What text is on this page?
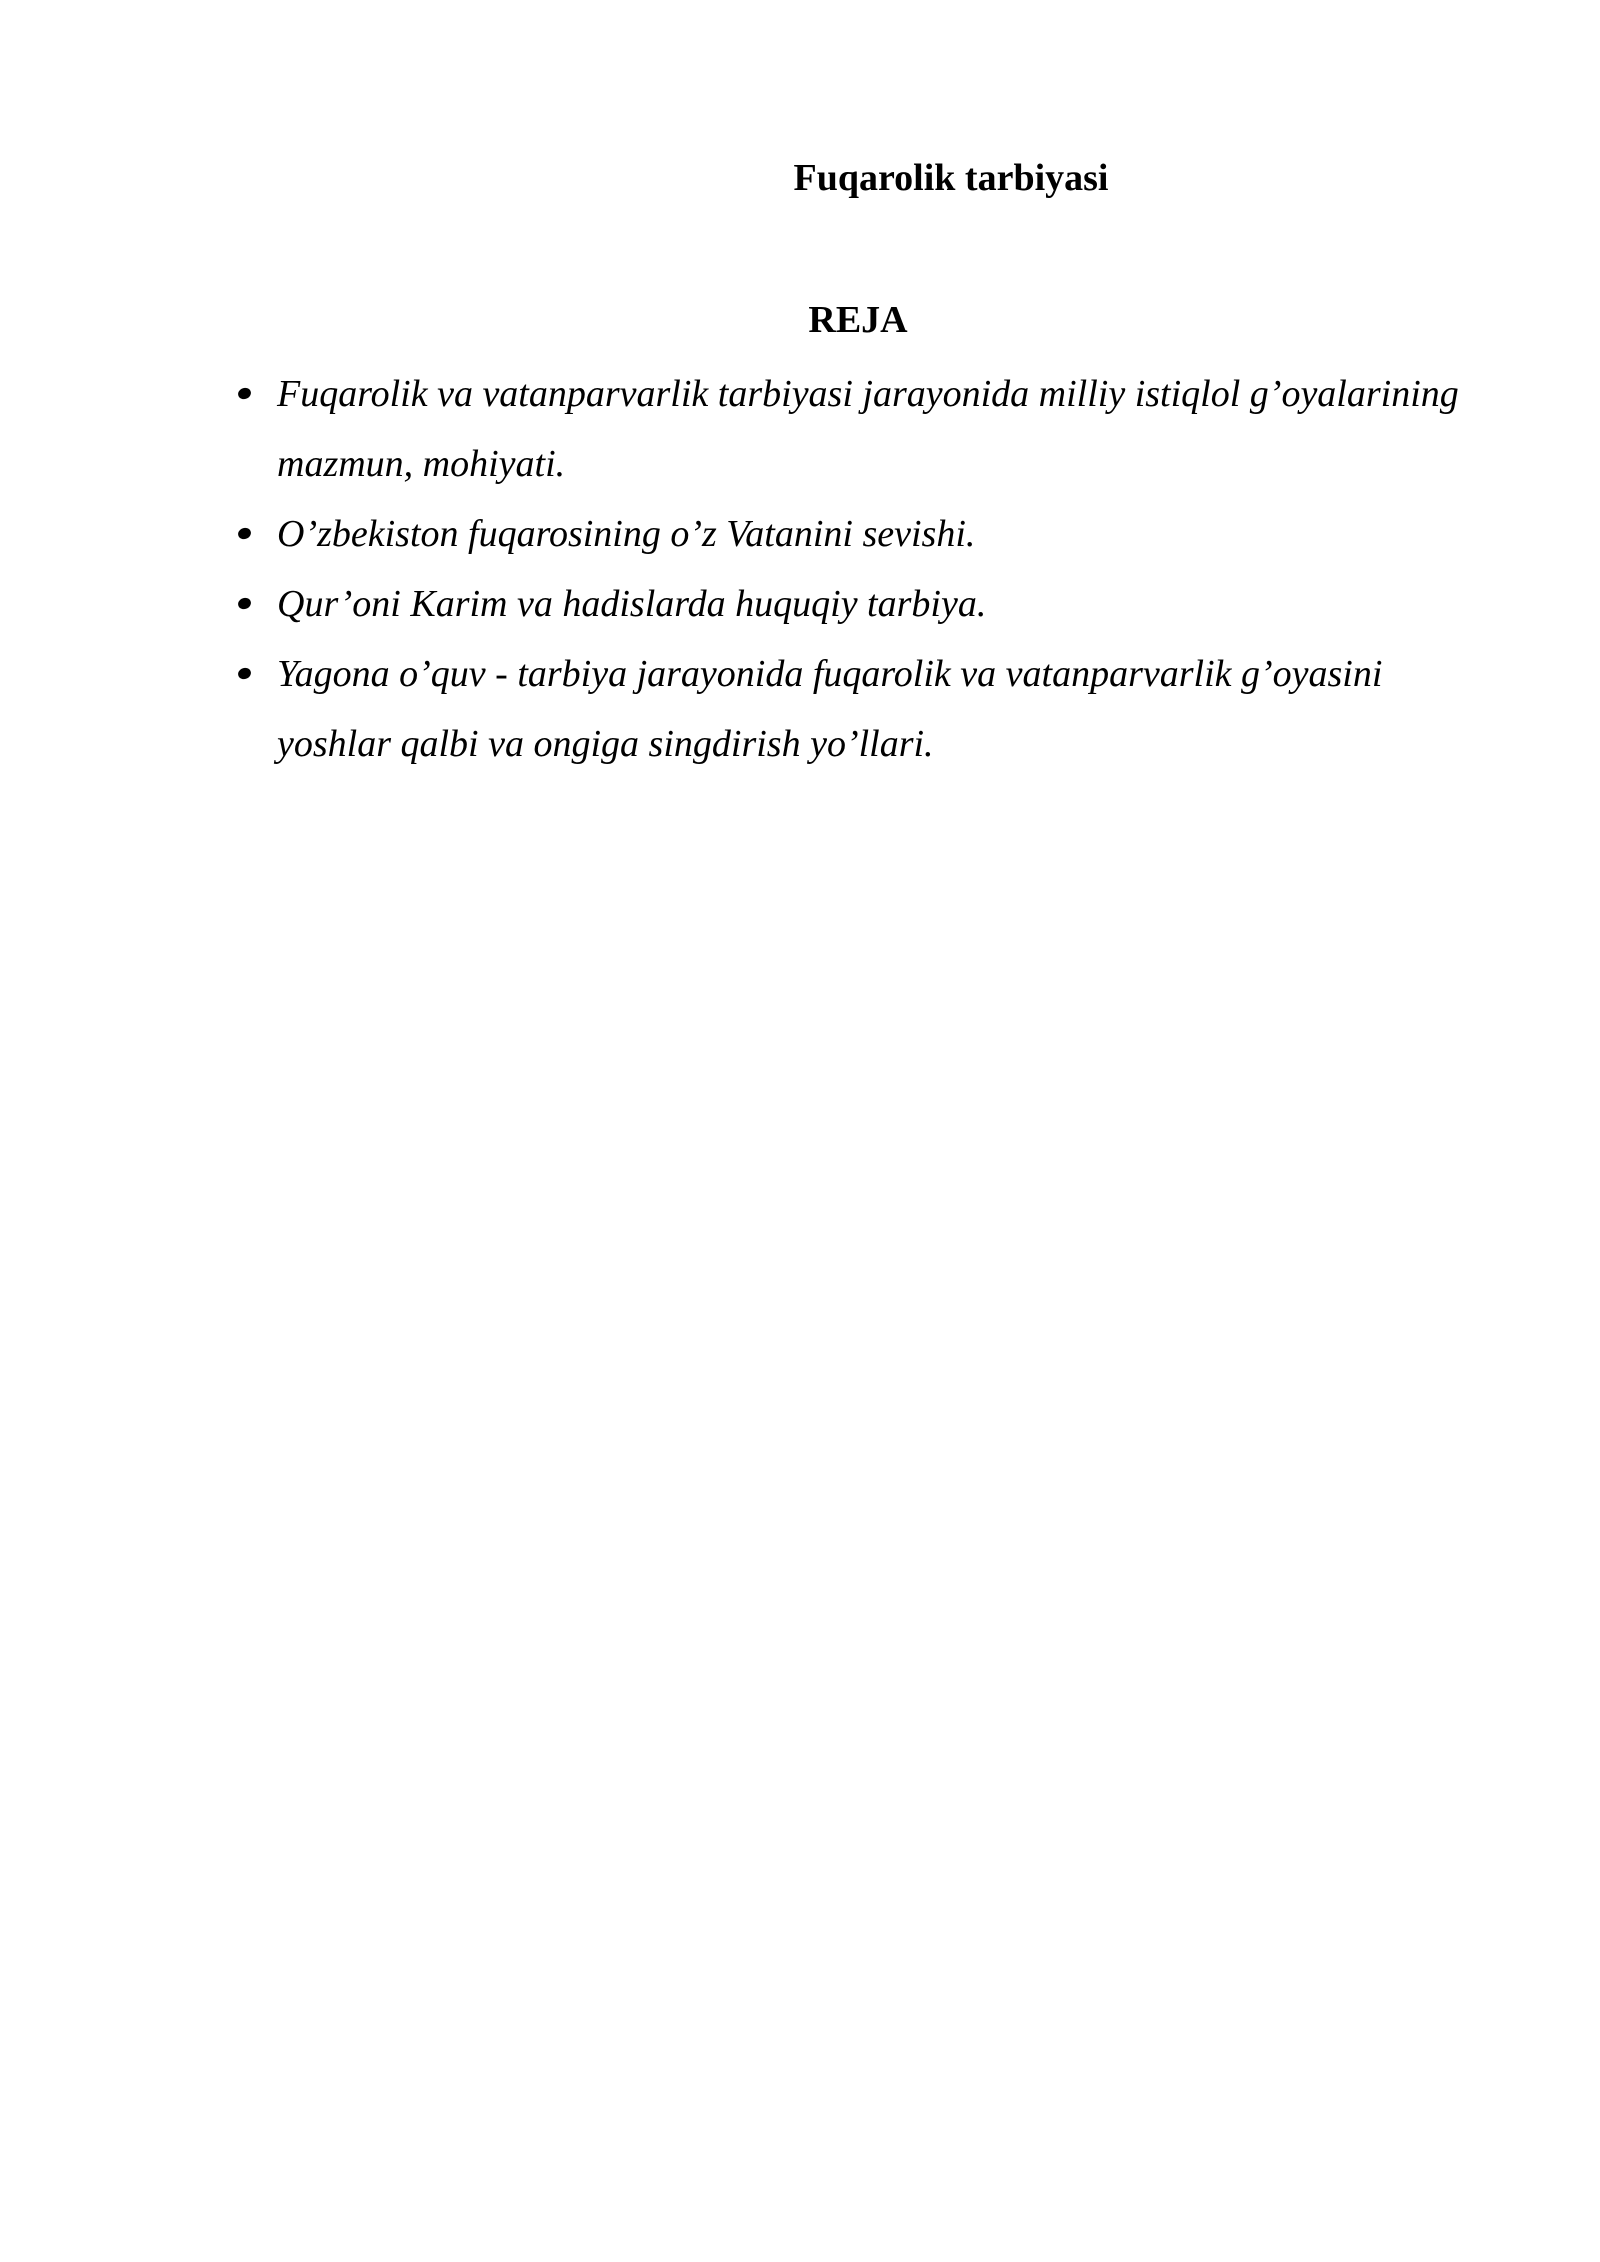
Fuqarolik tarbiyasi
REJA
Fuqarolik va vatanparvarlik tarbiyasi jarayonida milliy istiqlol g’oyalarining mazmun, mohiyati.
O’zbekiston fuqarosining o’z Vatanini sevishi.
Qur’oni Karim va hadislarda huquqiy tarbiya.
Yagona o’quv - tarbiya jarayonida fuqarolik va vatanparvarlik g’oyasini yoshlar qalbi va ongiga singdirish yo’llari.
